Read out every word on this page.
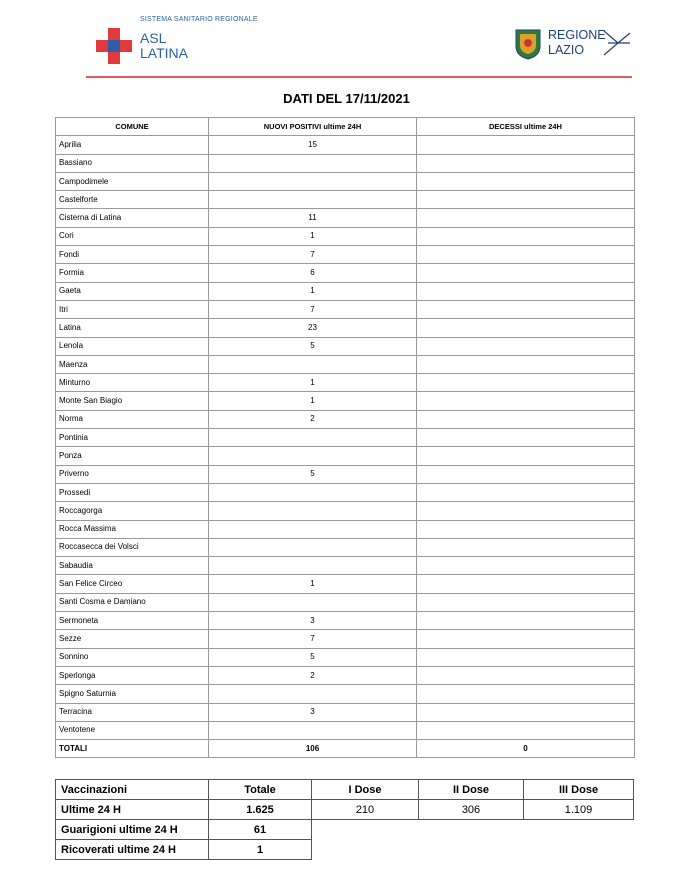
SISTEMA SANITARIO REGIONALE
ASL
LATINA
REGIONE
LAZIO
DATI DEL 17/11/2021
COMUNE	NUOVI POSITIVI ultime 24H	DECESSI ultime 24H
Aprilia	15	
Bassiano		
Campodimele		
Castelforte		
Cisterna di Latina	11	
Cori	1	
Fondi	7	
Formia	6	
Gaeta	1	
Itri	7	
Latina	23	
Lenola	5	
Maenza		
Minturno	1	
Monte San Biagio	1	
Norma	2	
Pontinia		
Ponza		
Priverno	5	
Prossedi		
Roccagorga		
Rocca Massima		
Roccasecca dei Volsci		
Sabaudia		
San Felice Circeo	1	
Santi Cosma e Damiano		
Sermoneta	3	
Sezze	7	
Sonnino	5	
Sperlonga	2	
Spigno Saturnia		
Terracina	3	
Ventotene		
TOTALI	106	0
Vaccinazioni	Totale	I Dose	II Dose	III Dose
Ultime 24 H	1.625	210	306	1.109
Guarigioni ultime 24 H	61			
Ricoverati ultime 24 H	1			
